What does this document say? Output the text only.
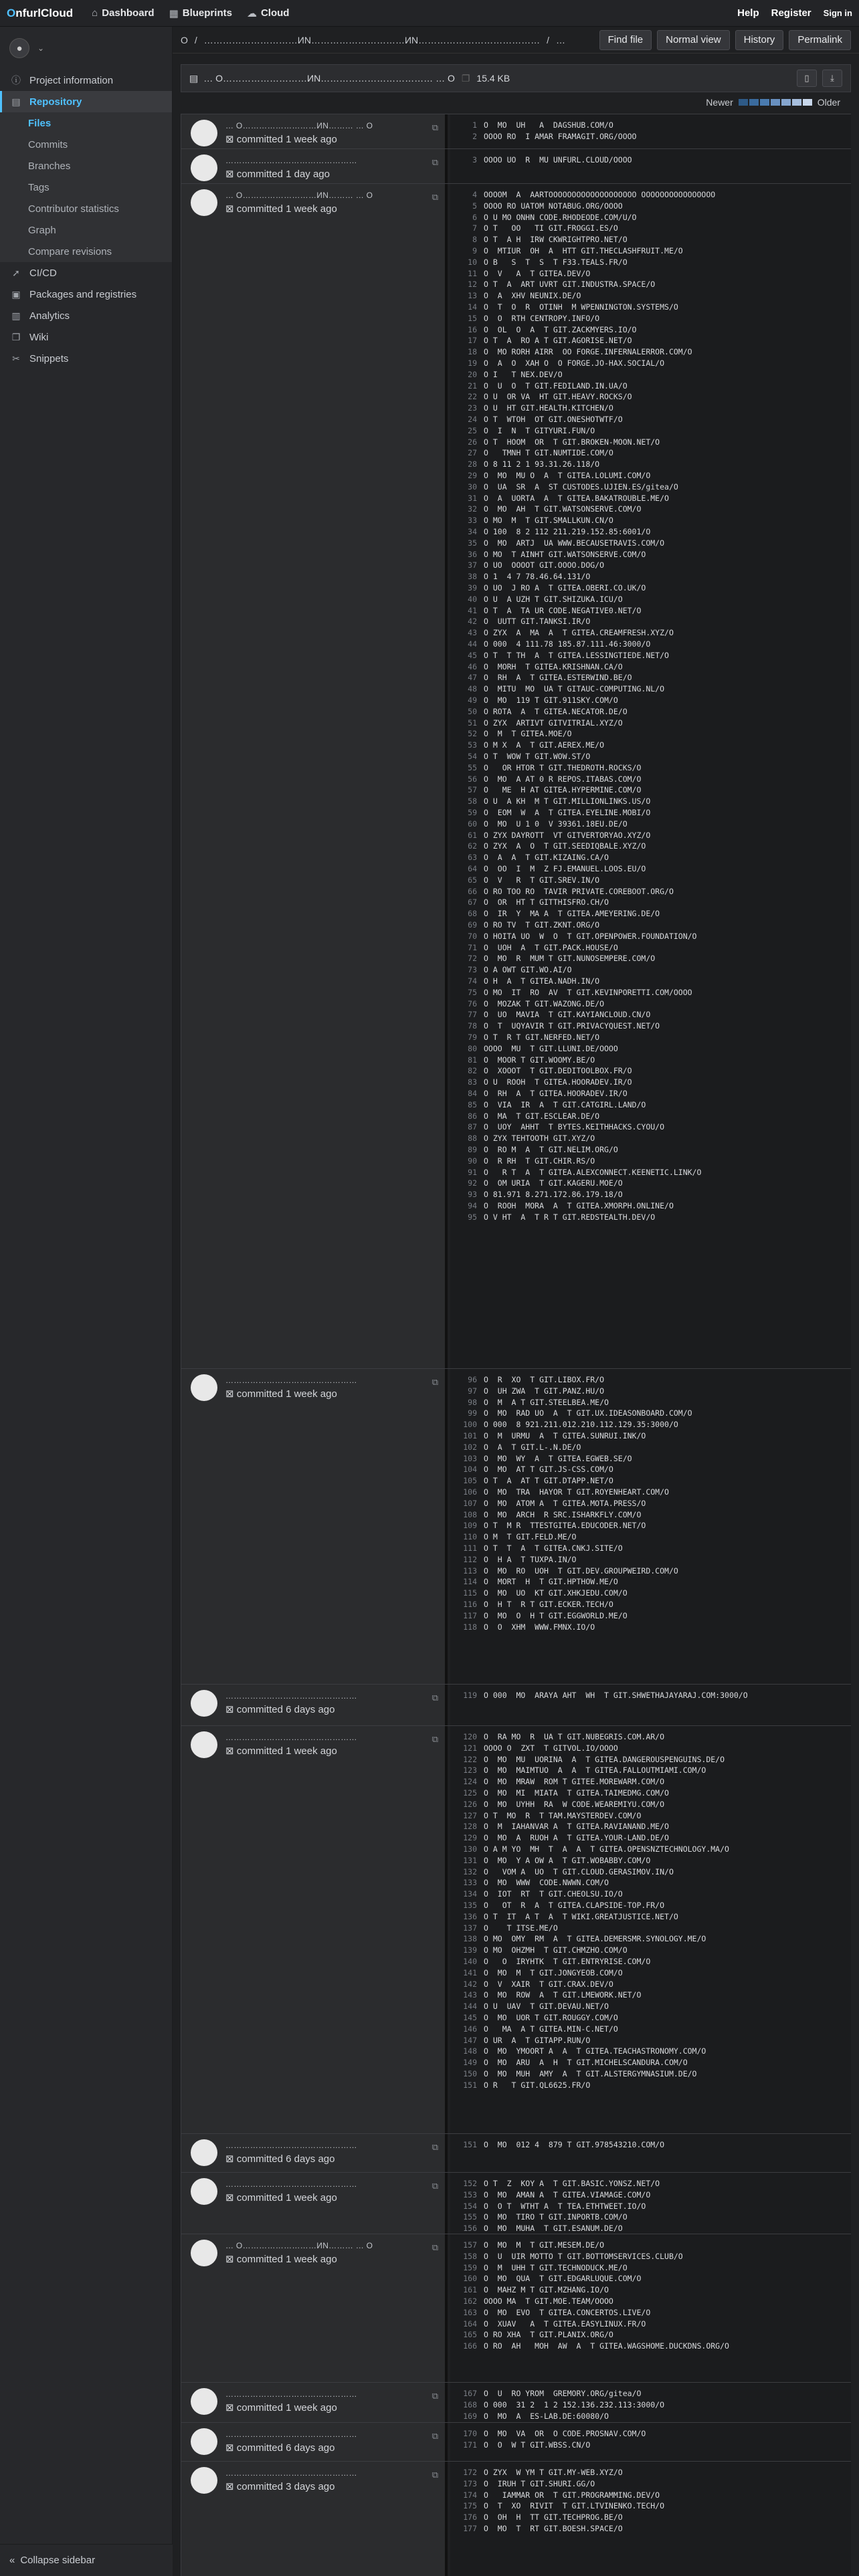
O nfurlCloud ⌂ Dashboard ▦ Blueprints ☁ Cloud	Help Register Sign in
●	⌄
ⓘ Project information
▤ Repository
Files
Commits
Branches
Tags
Contributor statistics
Graph
Compare revisions
➚ CI/CD
▣ Packages and registries
▥ Analytics
❐ Wiki
✂ Snippets
« Collapse sidebar
O / …………………………ИN…………………………ИN………………………………… / …	Find file	Normal view	History	Permalink
▤ … O………………………ИN……………………………… … O ❐ 15.4 KB	▯ ⤓
Newer	Older
… O………………………ИN……… … O
⊠ committed 1 week ago
⧉	1 O  MO  UH   A  DAGSHUB.COM/O
2 OOOO RO  I AMAR FRAMAGIT.ORG/OOOO
…………………………………………
⊠ committed 1 day ago
⧉	3 OOOO UO  R  MU UNFURL.CLOUD/OOOO
… O………………………ИN……… … O
⊠ committed 1 week ago
⧉	4 OOOOM  A  AARTOOOOOOOOOOOOOOOOOOO OOOOOOOOOOOOOOOO
5 OOOO RO UATOM NOTABUG.ORG/OOOO
6 O U MO ONHN CODE.RHODEODE.COM/U/O
7 O T   OO   TI GIT.FROGGI.ES/O
8 O T  A H  IRW CKWRIGHTPRO.NET/O
9 O  MTIUR  OH  A  HTT GIT.THECLASHFRUIT.ME/O
10 O B   S  T  S  T F33.TEALS.FR/O
11 O  V   A  T GITEA.DEV/O
12 O T  A  ART UVRT GIT.INDUSTRA.SPACE/O
13 O  A  XHV NEUNIX.DE/O
14 O  T  O  R  OTINH  M WPENNINGTON.SYSTEMS/O
15 O  O  RTH CENTROPY.INFO/O
16 O  OL  O  A  T GIT.ZACKMYERS.IO/O
17 O T  A  RO A T GIT.AGORISE.NET/O
18 O  MO RORH AIRR  OO FORGE.INFERNALERROR.COM/O
19 O  A  O  XAH O  O FORGE.JO-HAX.SOCIAL/O
20 O I   T NEX.DEV/O
21 O  U  O  T GIT.FEDILAND.IN.UA/O
22 O U  OR VA  HT GIT.HEAVY.ROCKS/O
23 O U  HT GIT.HEALTH.KITCHEN/O
24 O T  WTOH  OT GIT.ONESHOTWTF/O
25 O  I  N  T GITYURI.FUN/O
26 O T  HOOM  OR  T GIT.BROKEN-MOON.NET/O
27 O   TMNH T GIT.NUMTIDE.COM/O
28 O 8 11 2 1 93.31.26.118/O
29 O  MO  MU O  A  T GITEA.LOLUMI.COM/O
30 O  UA  SR  A  ST CUSTODES.UJIEN.ES/gitea/O
31 O  A  UORTA  A  T GITEA.BAKATROUBLE.ME/O
32 O  MO  AH  T GIT.WATSONSERVE.COM/O
33 O MO  M  T GIT.SMALLKUN.CN/O
34 O 100  8 2 112 211.219.152.85:6001/O
35 O  MO  ARTJ  UA WWW.BECAUSETRAVIS.COM/O
36 O MO  T AINHT GIT.WATSONSERVE.COM/O
37 O UO  OOOOT GIT.OOOO.DOG/O
38 O 1  4 7 78.46.64.131/O
39 O UO  J RO A  T GITEA.OBERI.CO.UK/O
40 O U  A UZH T GIT.SHIZUKA.ICU/O
41 O T  A  TA UR CODE.NEGATIVE0.NET/O
42 O  UUTT GIT.TANKSI.IR/O
43 O ZYX  A  MA  A  T GITEA.CREAMFRESH.XYZ/O
44 O 000  4 111.78 185.87.111.46:3000/O
45 O T  T TH  A  T GITEA.LESSINGTIEDE.NET/O
46 O  MORH  T GITEA.KRISHNAN.CA/O
47 O  RH  A  T GITEA.ESTERWIND.BE/O
48 O  MITU  MO  UA T GITAUC-COMPUTING.NL/O
49 O  MO  119 T GIT.911SKY.COM/O
50 O ROTA  A  T GITEA.NECATOR.DE/O
51 O ZYX  ARTIVT GITVITRIAL.XYZ/O
52 O  M  T GITEA.MOE/O
53 O M X  A  T GIT.AEREX.ME/O
54 O T  WOW T GIT.WOW.ST/O
55 O   OR HTOR T GIT.THEDROTH.ROCKS/O
56 O  MO  A AT 0 R REPOS.ITABAS.COM/O
57 O   ME  H AT GITEA.HYPERMINE.COM/O
58 O U  A KH  M T GIT.MILLIONLINKS.US/O
59 O  EOM  W  A  T GITEA.EYELINE.MOBI/O
60 O  MO  U 1 0  V 39361.18EU.DE/O
61 O ZYX DAYROTT  VT GITVERTORYAO.XYZ/O
62 O ZYX  A  O  T GIT.SEEDIQBALE.XYZ/O
63 O  A  A  T GIT.KIZAING.CA/O
64 O  OO  I  M  Z FJ.EMANUEL.LOOS.EU/O
65 O  V   R  T GIT.SREV.IN/O
66 O RO TOO RO  TAVIR PRIVATE.COREBOOT.ORG/O
67 O  OR  HT T GITTHISFRO.CH/O
68 O  IR  Y  MA A  T GITEA.AMEYERING.DE/O
69 O RO TV  T GIT.ZKNT.ORG/O
70 O HOITA UO  W  O  T GIT.OPENPOWER.FOUNDATION/O
71 O  UOH  A  T GIT.PACK.HOUSE/O
72 O  MO  R  MUM T GIT.NUNOSEMPERE.COM/O
73 O A OWT GIT.WO.AI/O
74 O H  A  T GITEA.NADH.IN/O
75 O MO  IT  RO  AV  T GIT.KEVINPORETTI.COM/OOOO
76 O  MOZAK T GIT.WAZONG.DE/O
77 O  UO  MAVIA  T GIT.KAYIANCLOUD.CN/O
78 O  T  UQYAVIR T GIT.PRIVACYQUEST.NET/O
79 O T  R T GIT.NERFED.NET/O
80 OOOO  MU  T GIT.LLUNI.DE/OOOO
81 O  MOOR T GIT.WOOMY.BE/O
82 O  XOOOT  T GIT.DEDITOOLBOX.FR/O
83 O U  ROOH  T GITEA.HOORADEV.IR/O
84 O  RH  A  T GITEA.HOORADEV.IR/O
85 O  VIA  IR  A  T GIT.CATGIRL.LAND/O
86 O  MA  T GIT.ESCLEAR.DE/O
87 O  UOY  AHHT  T BYTES.KEITHHACKS.CYOU/O
88 O ZYX TEHTOOTH GIT.XYZ/O
89 O  RO M  A  T GIT.NELIM.ORG/O
90 O  R RH  T GIT.CHIR.RS/O
91 O   R T  A  T GITEA.ALEXCONNECT.KEENETIC.LINK/O
92 O  OM URIA  T GIT.KAGERU.MOE/O
93 O 81.971 8.271.172.86.179.18/O
94 O  ROOH  MORA  A  T GITEA.XMORPH.ONLINE/O
95 O V HT  A  T R T GIT.REDSTEALTH.DEV/O
…………………………………………
⊠ committed 1 week ago
⧉	96 O  R  XO  T GIT.LIBOX.FR/O
97 O  UH ZWA  T GIT.PANZ.HU/O
98 O  M  A T GIT.STEELBEA.ME/O
99 O  MO  RAD UO  A  T GIT.UX.IDEASONBOARD.COM/O
100 O 000  8 921.211.012.210.112.129.35:3000/O
101 O  M  URMU  A  T GITEA.SUNRUI.INK/O
102 O  A  T GIT.L-.N.DE/O
103 O  MO  WY  A  T GITEA.EGWEB.SE/O
104 O  MO  AT T GIT.JS-CSS.COM/O
105 O T  A  AT T GIT.DTAPP.NET/O
106 O  MO  TRA  HAYOR T GIT.ROYENHEART.COM/O
107 O  MO  ATOM A  T GITEA.MOTA.PRESS/O
108 O  MO  ARCH  R SRC.ISHARKFLY.COM/O
109 O T  M R  TTESTGITEA.EDUCODER.NET/O
110 O M  T GIT.FELD.ME/O
111 O T  T  A  T GITEA.CNKJ.SITE/O
112 O  H A  T TUXPA.IN/O
113 O  MO  RO  UOH  T GIT.DEV.GROUPWEIRD.COM/O
114 O  MORT  H  T GIT.HPTHOW.ME/O
115 O  MO  UO  KT GIT.XHKJEDU.COM/O
116 O  H T  R T GIT.ECKER.TECH/O
117 O  MO  O  H T GIT.EGGWORLD.ME/O
118 O  O  XHM  WWW.FMNX.IO/O
…………………………………………
⊠ committed 6 days ago
⧉	119 O 000  MO  ARAYA AHT  WH  T GIT.SHWETHAJAYARAJ.COM:3000/O
…………………………………………
⊠ committed 1 week ago
⧉	120 O  RA MO  R  UA T GIT.NUBEGRIS.COM.AR/O
121 OOOO O  ZXT  T GITVOL.IO/OOOO
122 O  MO  MU  UORINA  A  T GITEA.DANGEROUSPENGUINS.DE/O
123 O  MO  MAIMTUO  A  A  T GITEA.FALLOUTMIAMI.COM/O
124 O  MO  MRAW  ROM T GITEE.MOREWARM.COM/O
125 O  MO  MI  MIATA  T GITEA.TAIMEDMG.COM/O
126 O  MO  UYHH  RA  W CODE.WEAREMIYU.COM/O
127 O T  MO  R  T TAM.MAYSTERDEV.COM/O
128 O  M  IAHANVAR A  T GITEA.RAVIANAND.ME/O
129 O  MO  A  RUOH A  T GITEA.YOUR-LAND.DE/O
130 O A M YO  MH  T  A  A  T GITEA.OPENSNZTECHNOLOGY.MA/O
131 O  MO  Y A OW A  T GIT.WOBABBY.COM/O
132 O   VOM A  UO  T GIT.CLOUD.GERASIMOV.IN/O
133 O  MO  WWW  CODE.NWWN.COM/O
134 O  IOT  RT  T GIT.CHEOLSU.IO/O
135 O   OT  R  A  T GITEA.CLAPSIDE-TOP.FR/O
136 O T  IT  A T  A  T WIKI.GREATJUSTICE.NET/O
137 O    T ITSE.ME/O
138 O MO  OMY  RM  A  T GITEA.DEMERSMR.SYNOLOGY.ME/O
139 O MO  OHZMH  T GIT.CHMZHO.COM/O
140 O   O  IRYHTK  T GIT.ENTRYRISE.COM/O
141 O  MO  M  T GIT.JONGYEOB.COM/O
142 O  V  XAIR  T GIT.CRAX.DEV/O
143 O  MO  ROW  A  T GIT.LMEWORK.NET/O
144 O U  UAV  T GIT.DEVAU.NET/O
145 O  MO  UOR T GIT.ROUGGY.COM/O
146 O   MA  A T GITEA.MIN-C.NET/O
147 O UR  A  T GITAPP.RUN/O
148 O  MO  YMOORT A  A  T GITEA.TEACHASTRONOMY.COM/O
149 O  MO  ARU  A  H  T GIT.MICHELSCANDURA.COM/O
150 O  MO  MUH  AMY  A  T GIT.ALSTERGYMNASIUM.DE/O
151 O R   T GIT.QL6625.FR/O
…………………………………………
⊠ committed 6 days ago
⧉	151 O  MO  012 4  879 T GIT.978543210.COM/O
…………………………………………
⊠ committed 1 week ago
⧉	152 O T  Z  KOY A  T GIT.BASIC.YONSZ.NET/O
153 O  MO  AMAN A  T GITEA.VIAMAGE.COM/O
154 O  O T  WTHT A  T TEA.ETHTWEET.IO/O
155 O  MO  TIRO T GIT.INPORTB.COM/O
156 O  MO  MUHA  T GIT.ESANUM.DE/O
… O………………………ИN……… … O
⊠ committed 1 week ago
⧉	157 O  MO  M  T GIT.MESEM.DE/O
158 O  U  UIR MOTTO T GIT.BOTTOMSERVICES.CLUB/O
159 O  M  UHH T GIT.TECHNODUCK.ME/O
160 O  MO  QUA  T GIT.EDGARLUQUE.COM/O
161 O  MAHZ M T GIT.MZHANG.IO/O
162 OOOO MA  T GIT.MOE.TEAM/OOOO
163 O  MO  EVO  T GITEA.CONCERTOS.LIVE/O
164 O  XUAV   A  T GITEA.EASYLINUX.FR/O
165 O RO XHA  T GIT.PLANIX.ORG/O
166 O RO  AH   MOH  AW  A  T GITEA.WAGSHOME.DUCKDNS.ORG/O
…………………………………………
⊠ committed 1 week ago
⧉	167 O  U  RO YROM  GREMORY.ORG/gitea/O
168 O 000  31 2  1 2 152.136.232.113:3000/O
169 O  MO  A  ES-LAB.DE:60080/O
…………………………………………
⊠ committed 6 days ago
⧉	170 O  MO  VA  OR  O CODE.PROSNAV.COM/O
171 O  O  W T GIT.WBSS.CN/O
…………………………………………
⊠ committed 3 days ago
⧉	172 O ZYX  W YM T GIT.MY-WEB.XYZ/O
173 O  IRUH T GIT.SHURI.GG/O
174 O   IAMMAR OR  T GIT.PROGRAMMING.DEV/O
175 O  T  XO  RIVIT  T GIT.LTVINENKO.TECH/O
176 O  OH  H  TT GIT.TECHPROG.BE/O
177 O  MO  T  RT GIT.BOESH.SPACE/O
